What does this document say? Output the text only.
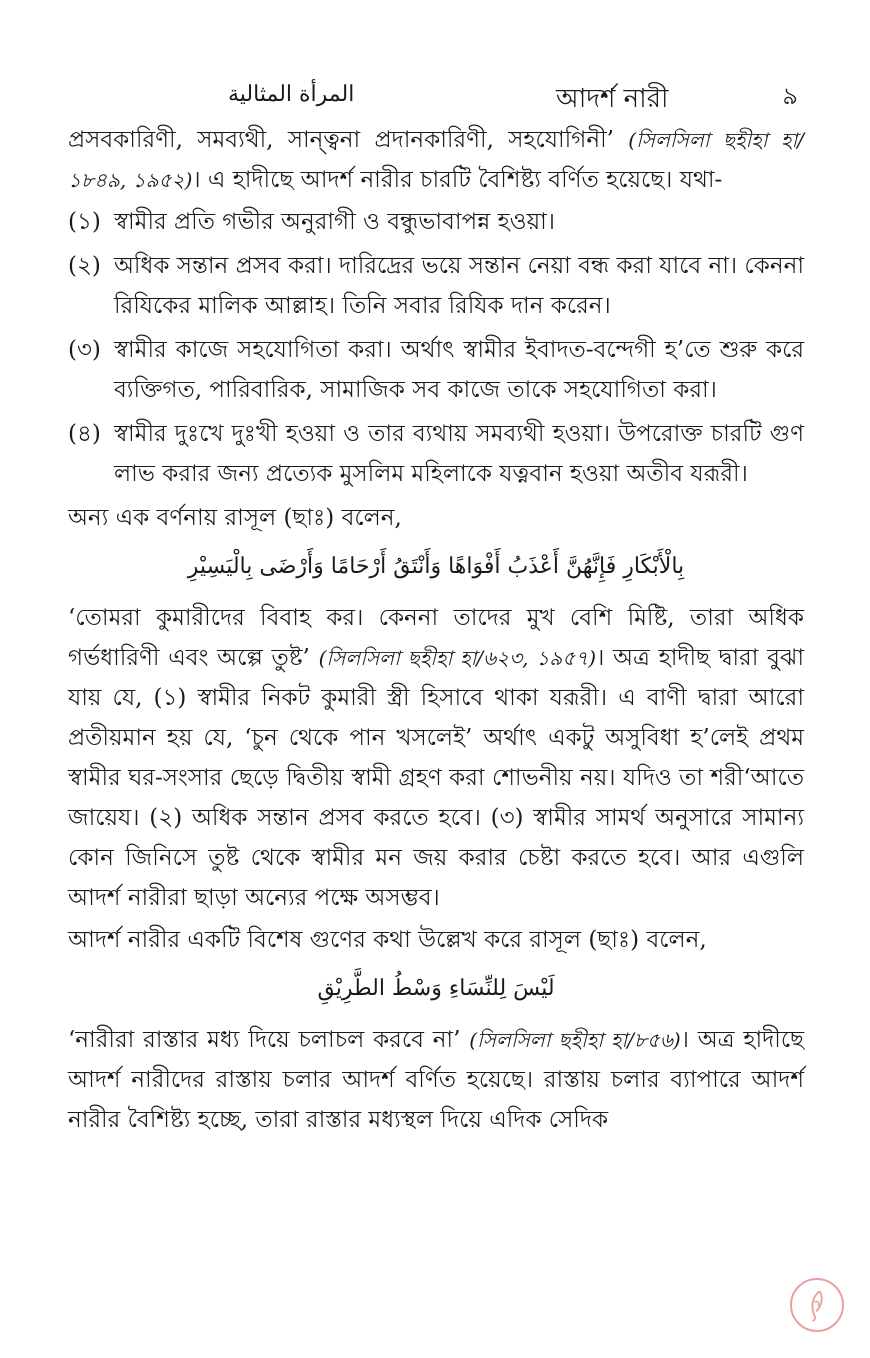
المرأة المثالية	আদর্শ নারী	৯

প্রসবকারিণী, সমব্যথী, সান্ত্বনা প্রদানকারিণী, সহযোগিনী’ (সিলসিলা ছহীহা হা/১৮৪৯, ১৯৫২)। এ হাদীছে আদর্শ নারীর চারটি বৈশিষ্ট্য বর্ণিত হয়েছে। যথা-

(১) স্বামীর প্রতি গভীর অনুরাগী ও বন্ধুভাবাপন্ন হওয়া।
(২) অধিক সন্তান প্রসব করা। দারিদ্রের ভয়ে সন্তান নেয়া বন্ধ করা যাবে না। কেননা রিযিকের মালিক আল্লাহ। তিনি সবার রিযিক দান করেন।
(৩) স্বামীর কাজে সহযোগিতা করা। অর্থাৎ স্বামীর ইবাদত-বন্দেগী হ’তে শুরু করে ব্যক্তিগত, পারিবারিক, সামাজিক সব কাজে তাকে সহযোগিতা করা।
(৪) স্বামীর দুঃখে দুঃখী হওয়া ও তার ব্যথায় সমব্যথী হওয়া। উপরোক্ত চারটি গুণ লাভ করার জন্য প্রত্যেক মুসলিম মহিলাকে যত্নবান হওয়া অতীব যরূরী।

অন্য এক বর্ণনায় রাসূল (ছাঃ) বলেন,

بِالْأَبْكَارِ فَإِنَّهُنَّ أَعْذَبُ أَفْوَاهًا وَأَنْتَقُ أَرْحَامًا وَأَرْضَى بِالْيَسِيْرِ

‘তোমরা কুমারীদের বিবাহ কর। কেননা তাদের মুখ বেশি মিষ্টি, তারা অধিক গর্ভধারিণী এবং অল্পে তুষ্ট’ (সিলসিলা ছহীহা হা/৬২৩, ১৯৫৭)। অত্র হাদীছ দ্বারা বুঝা যায় যে, (১) স্বামীর নিকট কুমারী স্ত্রী হিসাবে থাকা যরূরী। এ বাণী দ্বারা আরো প্রতীয়মান হয় যে, ‘চুন থেকে পান খসলেই’ অর্থাৎ একটু অসুবিধা হ’লেই প্রথম স্বামীর ঘর-সংসার ছেড়ে দ্বিতীয় স্বামী গ্রহণ করা শোভনীয় নয়। যদিও তা শরী‘আতে জায়েয। (২) অধিক সন্তান প্রসব করতে হবে। (৩) স্বামীর সামর্থ অনুসারে সামান্য কোন জিনিসে তুষ্ট থেকে স্বামীর মন জয় করার চেষ্টা করতে হবে। আর এগুলি আদর্শ নারীরা ছাড়া অন্যের পক্ষে অসম্ভব।

আদর্শ নারীর একটি বিশেষ গুণের কথা উল্লেখ করে রাসূল (ছাঃ) বলেন,

لَيْسَ لِلنِّسَاءِ وَسْطُ الطَّرِيْقِ

‘নারীরা রাস্তার মধ্য দিয়ে চলাচল করবে না’ (সিলসিলা ছহীহা হা/৮৫৬)। অত্র হাদীছে আদর্শ নারীদের রাস্তায় চলার আদর্শ বর্ণিত হয়েছে। রাস্তায় চলার ব্যাপারে আদর্শ নারীর বৈশিষ্ট্য হচ্ছে, তারা রাস্তার মধ্যস্থল দিয়ে এদিক সেদিক
